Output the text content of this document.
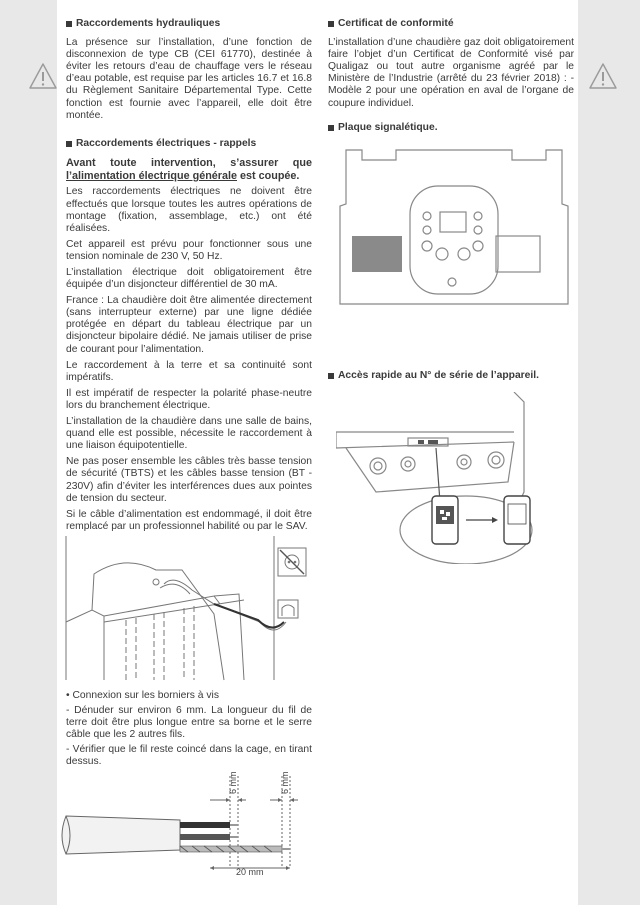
Raccordements hydrauliques

La présence sur l’installation, d’une fonction de disconnexion de type CB (CEI 61770), destinée à éviter les retours d’eau de chauffage vers le réseau d’eau potable, est requise par les articles 16.7 et 16.8 du Règlement Sanitaire Départemental Type. Cette fonction est fournie avec l’appareil, elle doit être montée.

Raccordements électriques - rappels

Avant toute intervention, s’assurer que l’alimentation électrique générale est coupée.

Les raccordements électriques ne doivent être effectués que lorsque toutes les autres opérations de montage (fixation, assemblage, etc.) ont été réalisées.

Cet appareil est prévu pour fonctionner sous une tension nominale de 230 V, 50 Hz.

L’installation électrique doit obligatoirement être équipée d’un disjoncteur différentiel de 30 mA.

France : La chaudière doit être alimentée directement (sans interrupteur externe) par une ligne dédiée protégée en départ du tableau électrique par un disjoncteur bipolaire dédié. Ne jamais utiliser de prise de courant pour l’alimentation.

Le raccordement à la terre et sa continuité sont impératifs.

Il est impératif de respecter la polarité phase-neutre lors du branchement électrique.

L’installation de la chaudière dans une salle de bains, quand elle est possible, nécessite le raccordement à une liaison équipotentielle.

Ne pas poser ensemble les câbles très basse tension de sécurité (TBTS) et les câbles basse tension (BT - 230V) afin d’éviter les interférences dues aux pointes de tension du secteur.

Si le câble d’alimentation est endommagé, il doit être remplacé par un professionnel habilité ou par le SAV.

• Connexion sur les borniers à vis

- Dénuder sur environ 6 mm. La longueur du fil de terre doit être plus longue entre sa borne et le serre câble que les 2 autres fils.

- Vérifier que le fil reste coincé dans la cage, en tirant dessus.

6 mm	6 mm
20 mm
Certificat de conformité

L’installation d’une chaudière gaz doit obligatoirement faire l’objet d’un Certificat de Conformité visé par Qualigaz ou tout autre organisme agréé par le Ministère de l’Industrie (arrêté du 23 février 2018) : - Modèle 2 pour une opération en aval de l’organe de coupure individuel.

Plaque signalétique.
Accès rapide au N° de série de l’appareil.
